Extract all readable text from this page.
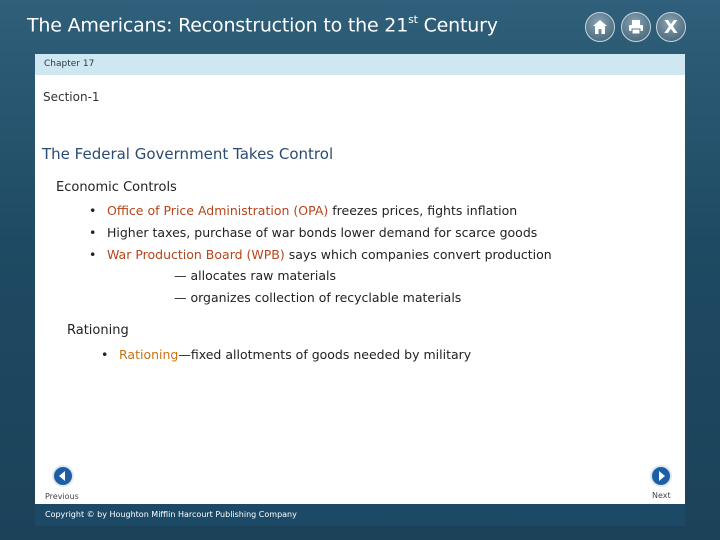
The Americans: Reconstruction to the 21st Century	X
Chapter 17
Section-1
The Federal Government Takes Control
Economic Controls
• Office of Price Administration (OPA) freezes prices, fights inflation
• Higher taxes, purchase of war bonds lower demand for scarce goods
• War Production Board (WPB) says which companies convert production
— allocates raw materials
— organizes collection of recyclable materials
Rationing
• Rationing—fixed allotments of goods needed by military
Previous	Next
Copyright © by Houghton Mifflin Harcourt Publishing Company
